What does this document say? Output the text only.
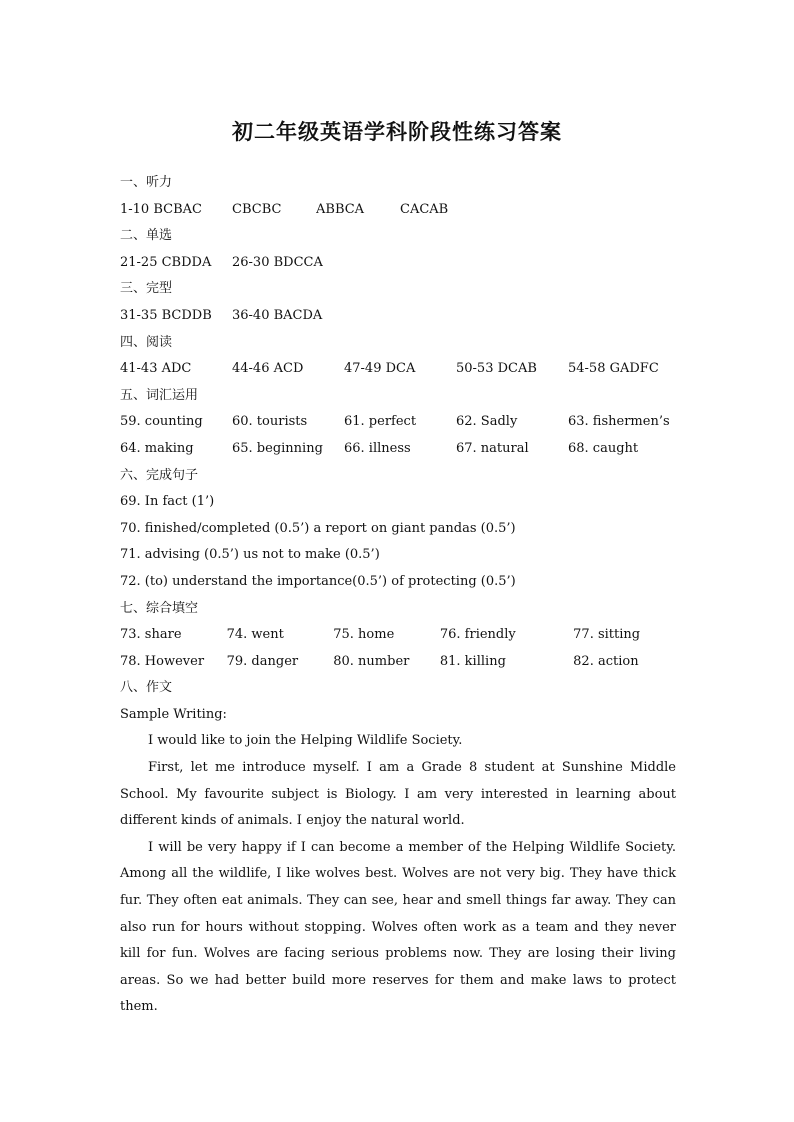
初二年级英语学科阶段性练习答案
一、听力
1-10 BCBAC	CBCBC	ABBCA	CACAB
二、单选
21-25 CBDDA	26-30 BDCCA
三、完型
31-35 BCDDB	36-40 BACDA
四、阅读
41-43 ADC	44-46 ACD	47-49 DCA	50-53 DCAB	54-58 GADFC
五、词汇运用
59. counting	60. tourists	61. perfect	62. Sadly	63. fishermen’s
64. making	65. beginning	66. illness	67. natural	68. caught
六、完成句子
69. In fact (1’)
70. finished/completed (0.5’) a report on giant pandas (0.5’)
71. advising (0.5’) us not to make (0.5’)
72. (to) understand the importance(0.5’) of protecting (0.5’)
七、综合填空
73. share	74. went	75. home	76. friendly	77. sitting
78. However	79. danger	80. number	81. killing	82. action
八、作文
Sample Writing:
I would like to join the Helping Wildlife Society.
First, let me introduce myself. I am a Grade 8 student at Sunshine Middle School. My favourite subject is Biology. I am very interested in learning about different kinds of animals. I enjoy the natural world.
I will be very happy if I can become a member of the Helping Wildlife Society. Among all the wildlife, I like wolves best. Wolves are not very big. They have thick fur. They often eat animals. They can see, hear and smell things far away. They can also run for hours without stopping. Wolves often work as a team and they never kill for fun. Wolves are facing serious problems now. They are losing their living areas. So we had better build more reserves for them and make laws to protect them.
